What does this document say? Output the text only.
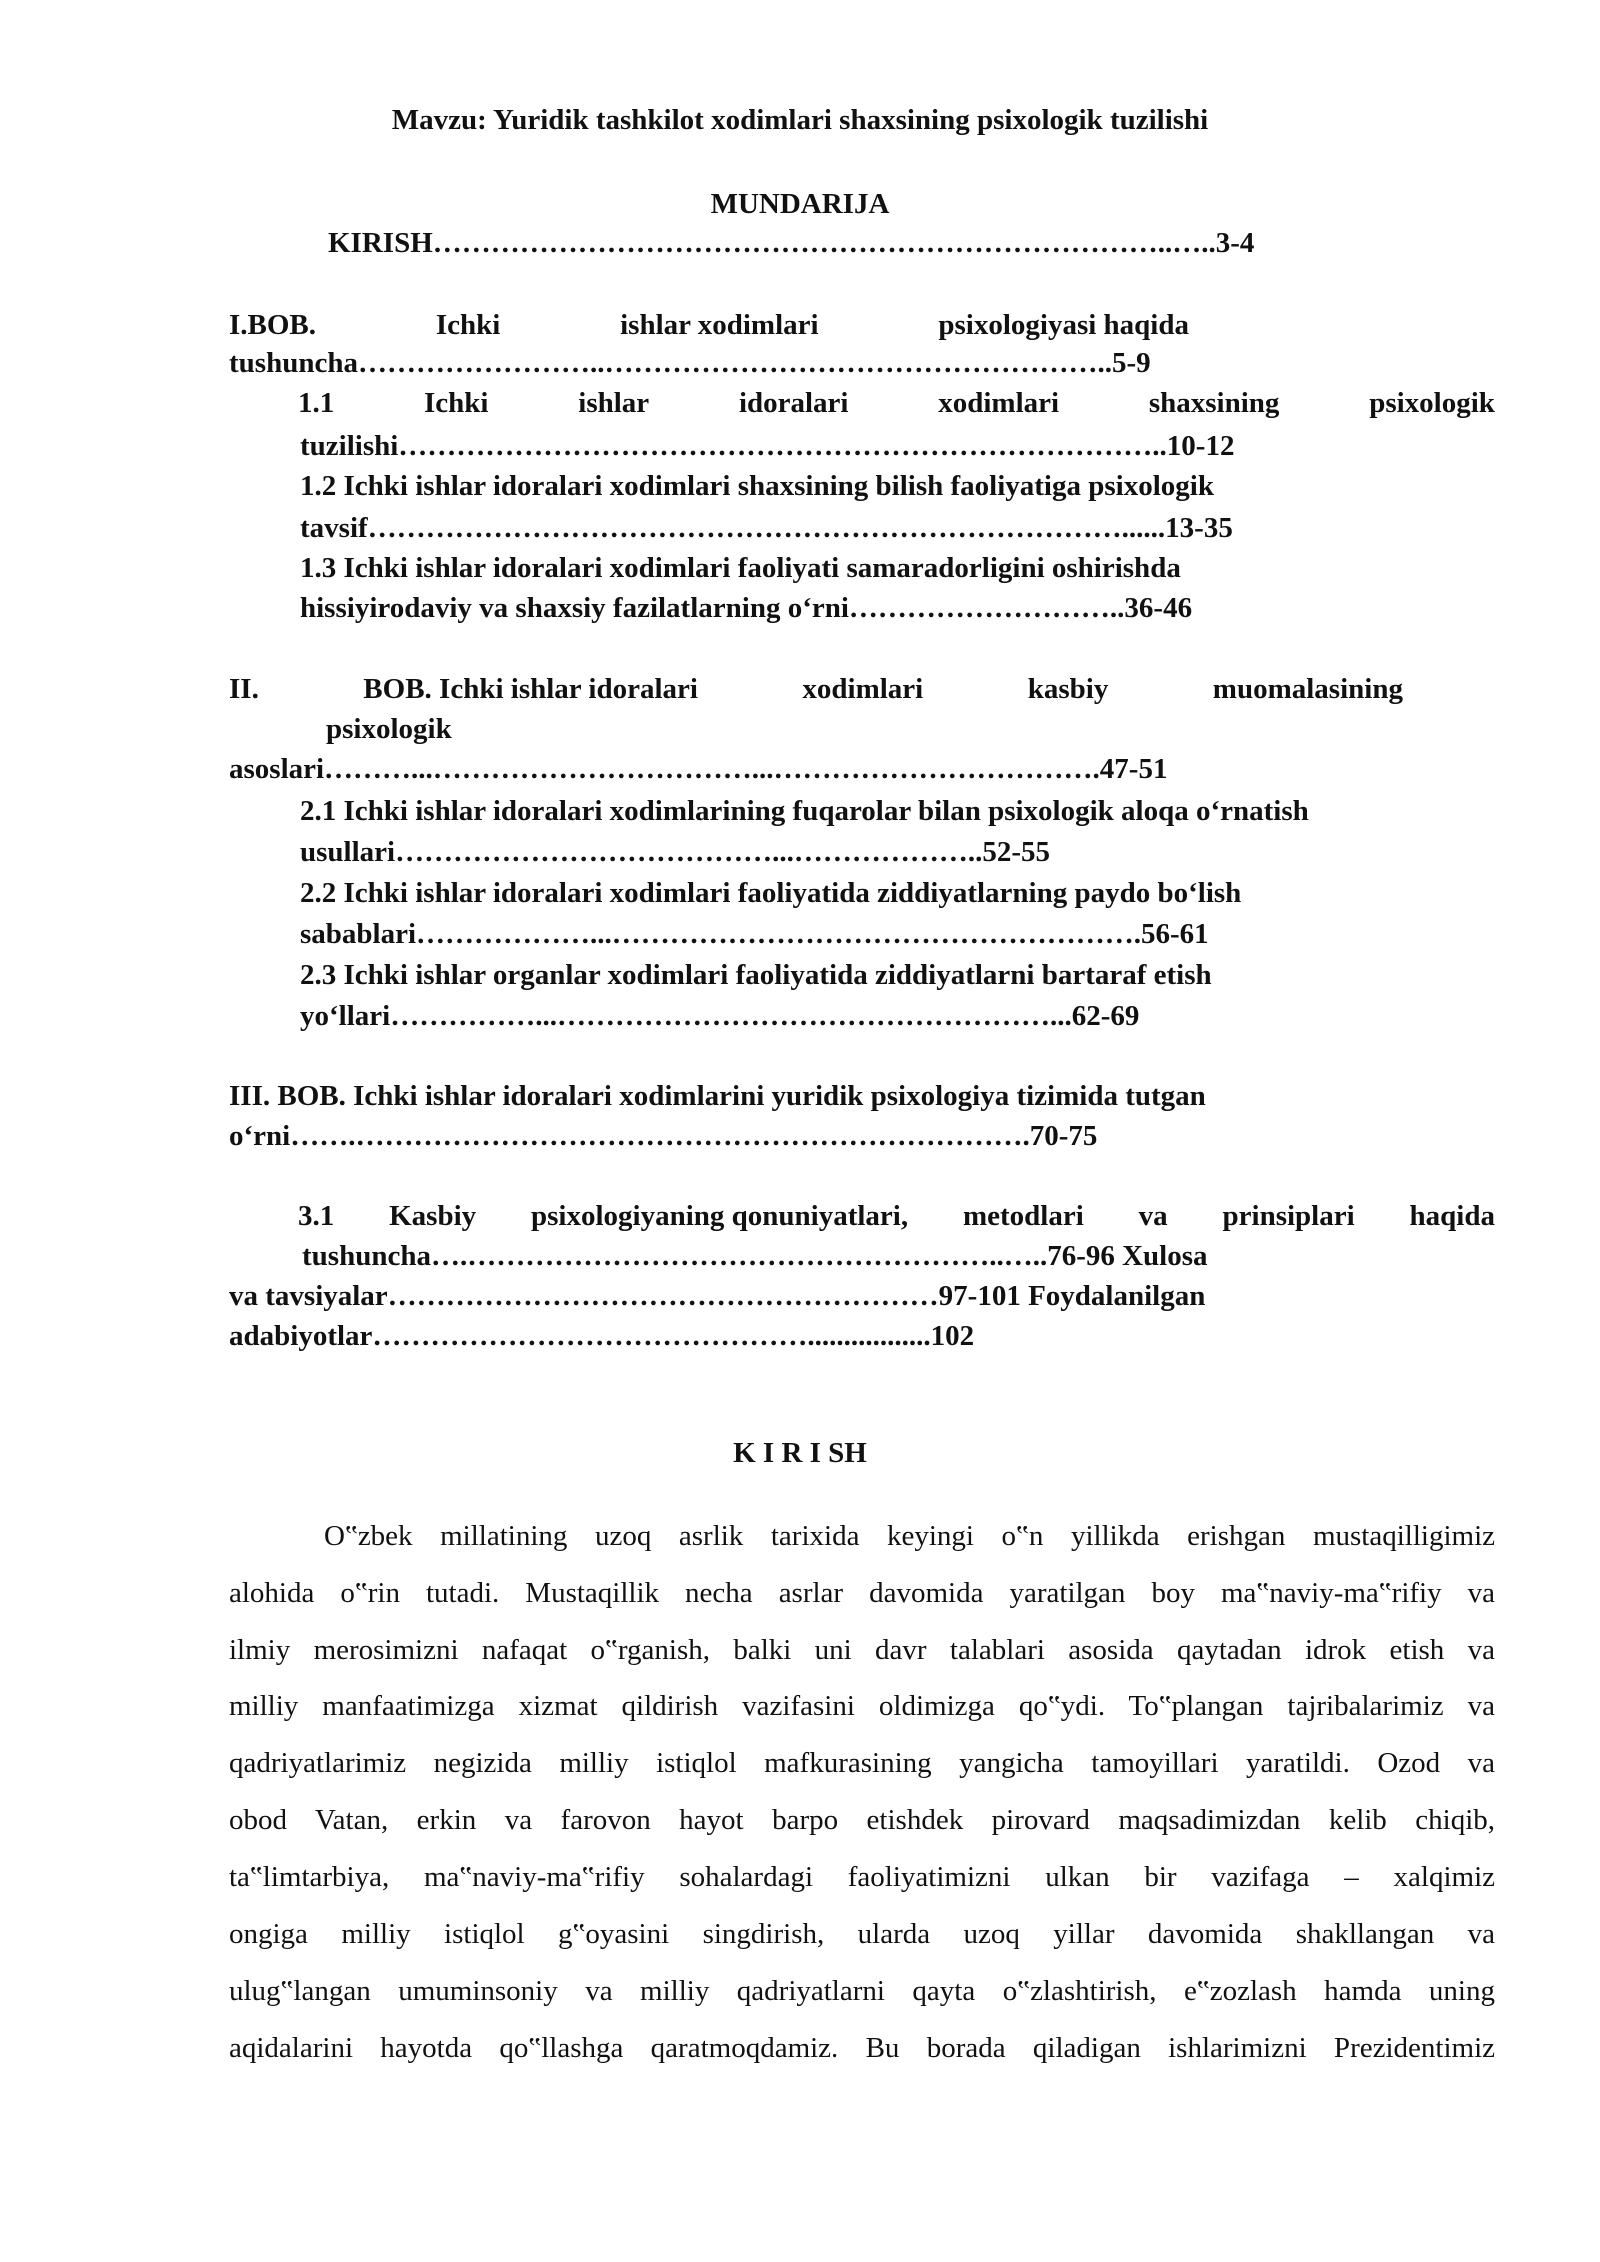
Mavzu: Yuridik tashkilot xodimlari shaxsining psixologik tuzilishi
MUNDARIJA
KIRISH…………………………………………………………………..…..3-4
I.BOB.	Ichki	ishlar xodimlari	psixologiyasi haqida
tushuncha……………………..……………………………………………..5-9
1.1	Ichki	ishlar	idoralari	xodimlari	shaxsining	psixologik
tuzilishi……………………………………………………………………..10-12
1.2 Ichki ishlar idoralari xodimlari shaxsining bilish faoliyatiga psixologik
tavsif……………………………………………………………………......13-35
1.3 Ichki ishlar idoralari xodimlari faoliyati samaradorligini oshirishda
hissiyirodaviy va shaxsiy fazilatlarning o‘rni………………………..36-46
II.	BOB. Ichki ishlar idoralari	xodimlari	kasbiy	muomalasining
psixologik
asoslari………...……………………………...…………………………….47-51
2.1 Ichki ishlar idoralari xodimlarining fuqarolar bilan psixologik aloqa o‘rnatish
usullari…………………………………...………………..52-55
2.2 Ichki ishlar idoralari xodimlari faoliyatida ziddiyatlarning paydo bo‘lish
sabablari………………...……………………………………………….56-61
2.3 Ichki ishlar organlar xodimlari faoliyatida ziddiyatlarni bartaraf etish
yo‘llari……………...……………………………………………...62-69
III. BOB. Ichki ishlar idoralari xodimlarini yuridik psixologiya tizimida tutgan
o‘rni…….…………………………………………………………….70-75
3.1 Kasbiy psixologiyaning qonuniyatlari, metodlari va prinsiplari haqida
tushuncha….………………………………………………..…..76-96 Xulosa
va tavsiyalar…………………………………………………97-101 Foydalanilgan
adabiyotlar……………………………………….................102
K I R I SH
O‟zbek millatining uzoq asrlik tarixida keyingi o‟n yillikda erishgan mustaqilligimiz
alohida o‟rin tutadi. Mustaqillik necha asrlar davomida yaratilgan boy ma‟naviy-ma‟rifiy va
ilmiy merosimizni nafaqat o‟rganish, balki uni davr talablari asosida qaytadan idrok etish va
milliy manfaatimizga xizmat qildirish vazifasini oldimizga qo‟ydi. To‟plangan tajribalarimiz va
qadriyatlarimiz negizida milliy istiqlol mafkurasining yangicha tamoyillari yaratildi. Ozod va
obod Vatan, erkin va farovon hayot barpo etishdek pirovard maqsadimizdan kelib chiqib,
ta‟limtarbiya, ma‟naviy-ma‟rifiy sohalardagi faoliyatimizni ulkan bir vazifaga – xalqimiz
ongiga milliy istiqlol g‟oyasini singdirish, ularda uzoq yillar davomida shakllangan va
ulug‟langan umuminsoniy va milliy qadriyatlarni qayta o‟zlashtirish, e‟zozlash hamda uning
aqidalarini hayotda qo‟llashga qaratmoqdamiz. Bu borada qiladigan ishlarimizni Prezidentimiz
